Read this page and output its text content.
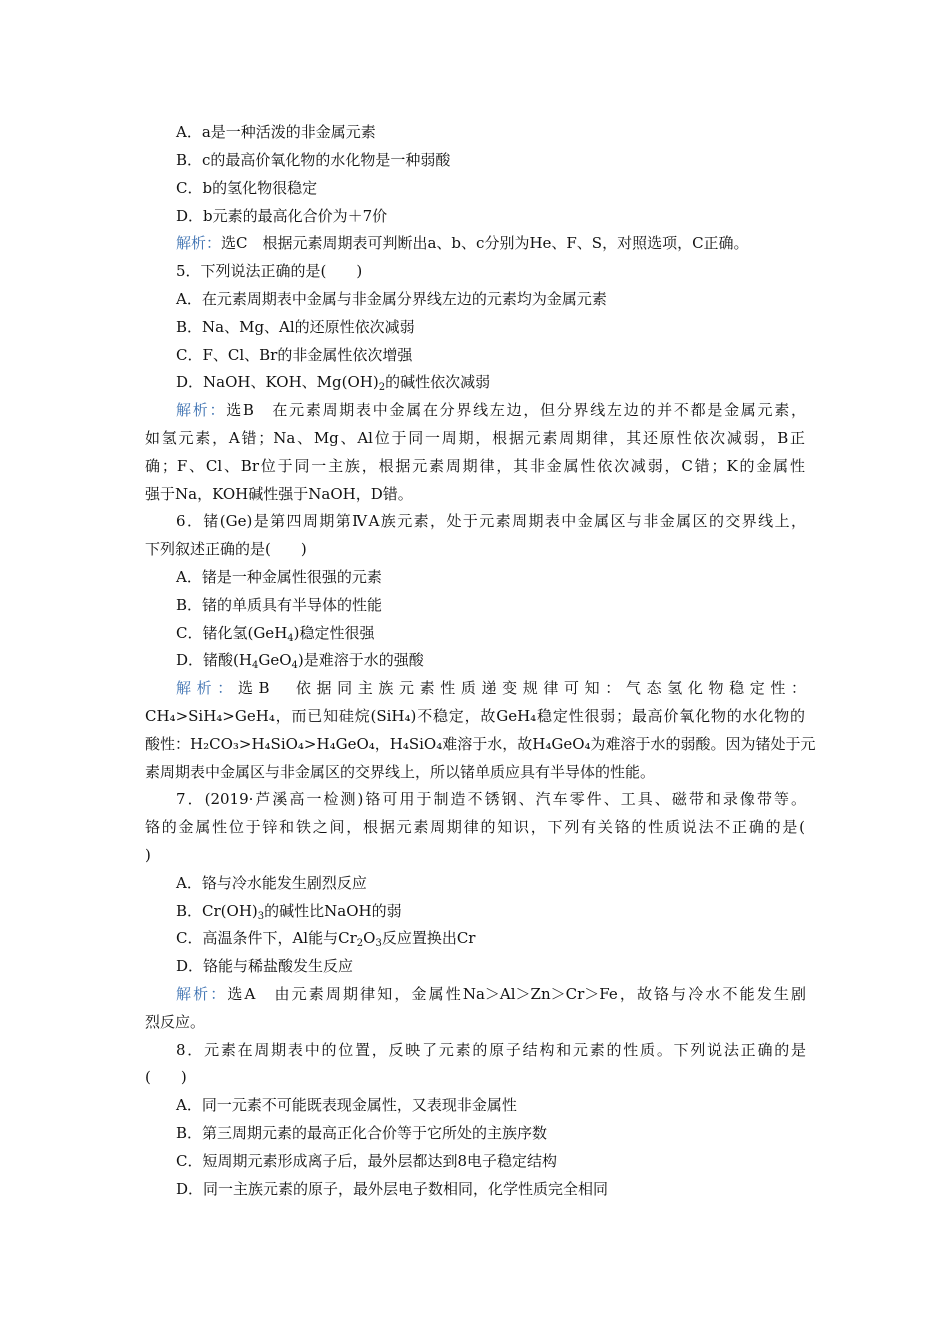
A．a是一种活泼的非金属元素
B．c的最高价氧化物的水化物是一种弱酸
C．b的氢化物很稳定
D．b元素的最高化合价为＋7价
解析：选C　根据元素周期表可判断出a、b、c分别为He、F、S，对照选项，C正确。
5．下列说法正确的是(　　)
A．在元素周期表中金属与非金属分界线左边的元素均为金属元素
B．Na、Mg、Al的还原性依次减弱
C．F、Cl、Br的非金属性依次增强
D．NaOH、KOH、$Mg(OH)_2$的碱性依次减弱
解析：选B　在元素周期表中金属在分界线左边，但分界线左边的并不都是金属元素，
如氢元素，A错；Na、Mg、Al位于同一周期，根据元素周期律，其还原性依次减弱，B正
确；F、Cl、Br位于同一主族，根据元素周期律，其非金属性依次减弱，C错；K的金属性
强于Na，KOH碱性强于NaOH，D错。
6．锗(Ge)是第四周期第ⅣA族元素，处于元素周期表中金属区与非金属区的交界线上，
下列叙述正确的是(　　)
A．锗是一种金属性很强的元素
B．锗的单质具有半导体的性能
C．锗化氢(GeH$_4$)稳定性很强
D．锗酸$(H_4GeO_4)$是难溶于水的强酸
解析：选B　依据同主族元素性质递变规律可知：气态氢化物稳定性：
CH₄>SiH₄>GeH₄，而已知硅烷(SiH₄)不稳定，故GeH₄稳定性很弱；最高价氧化物的水化物的
酸性：H₂CO₃>H₄SiO₄>H₄GeO₄，H₄SiO₄难溶于水，故H₄GeO₄为难溶于水的弱酸。因为锗处于元
素周期表中金属区与非金属区的交界线上，所以锗单质应具有半导体的性能。
7．(2019·芦溪高一检测)铬可用于制造不锈钢、汽车零件、工具、磁带和录像带等。
铬的金属性位于锌和铁之间，根据元素周期律的知识，下列有关铬的性质说法不正确的是(
)
A．铬与冷水能发生剧烈反应
B．$Cr(OH)_3$的碱性比NaOH的弱
C．高温条件下，Al能与$Cr_2O_3$反应置换出Cr
D．铬能与稀盐酸发生反应
解析：选A　由元素周期律知，金属性Na＞Al＞Zn＞Cr＞Fe，故铬与冷水不能发生剧
烈反应。
8．元素在周期表中的位置，反映了元素的原子结构和元素的性质。下列说法正确的是
(　　)
A．同一元素不可能既表现金属性，又表现非金属性
B．第三周期元素的最高正化合价等于它所处的主族序数
C．短周期元素形成离子后，最外层都达到8电子稳定结构
D．同一主族元素的原子，最外层电子数相同，化学性质完全相同
